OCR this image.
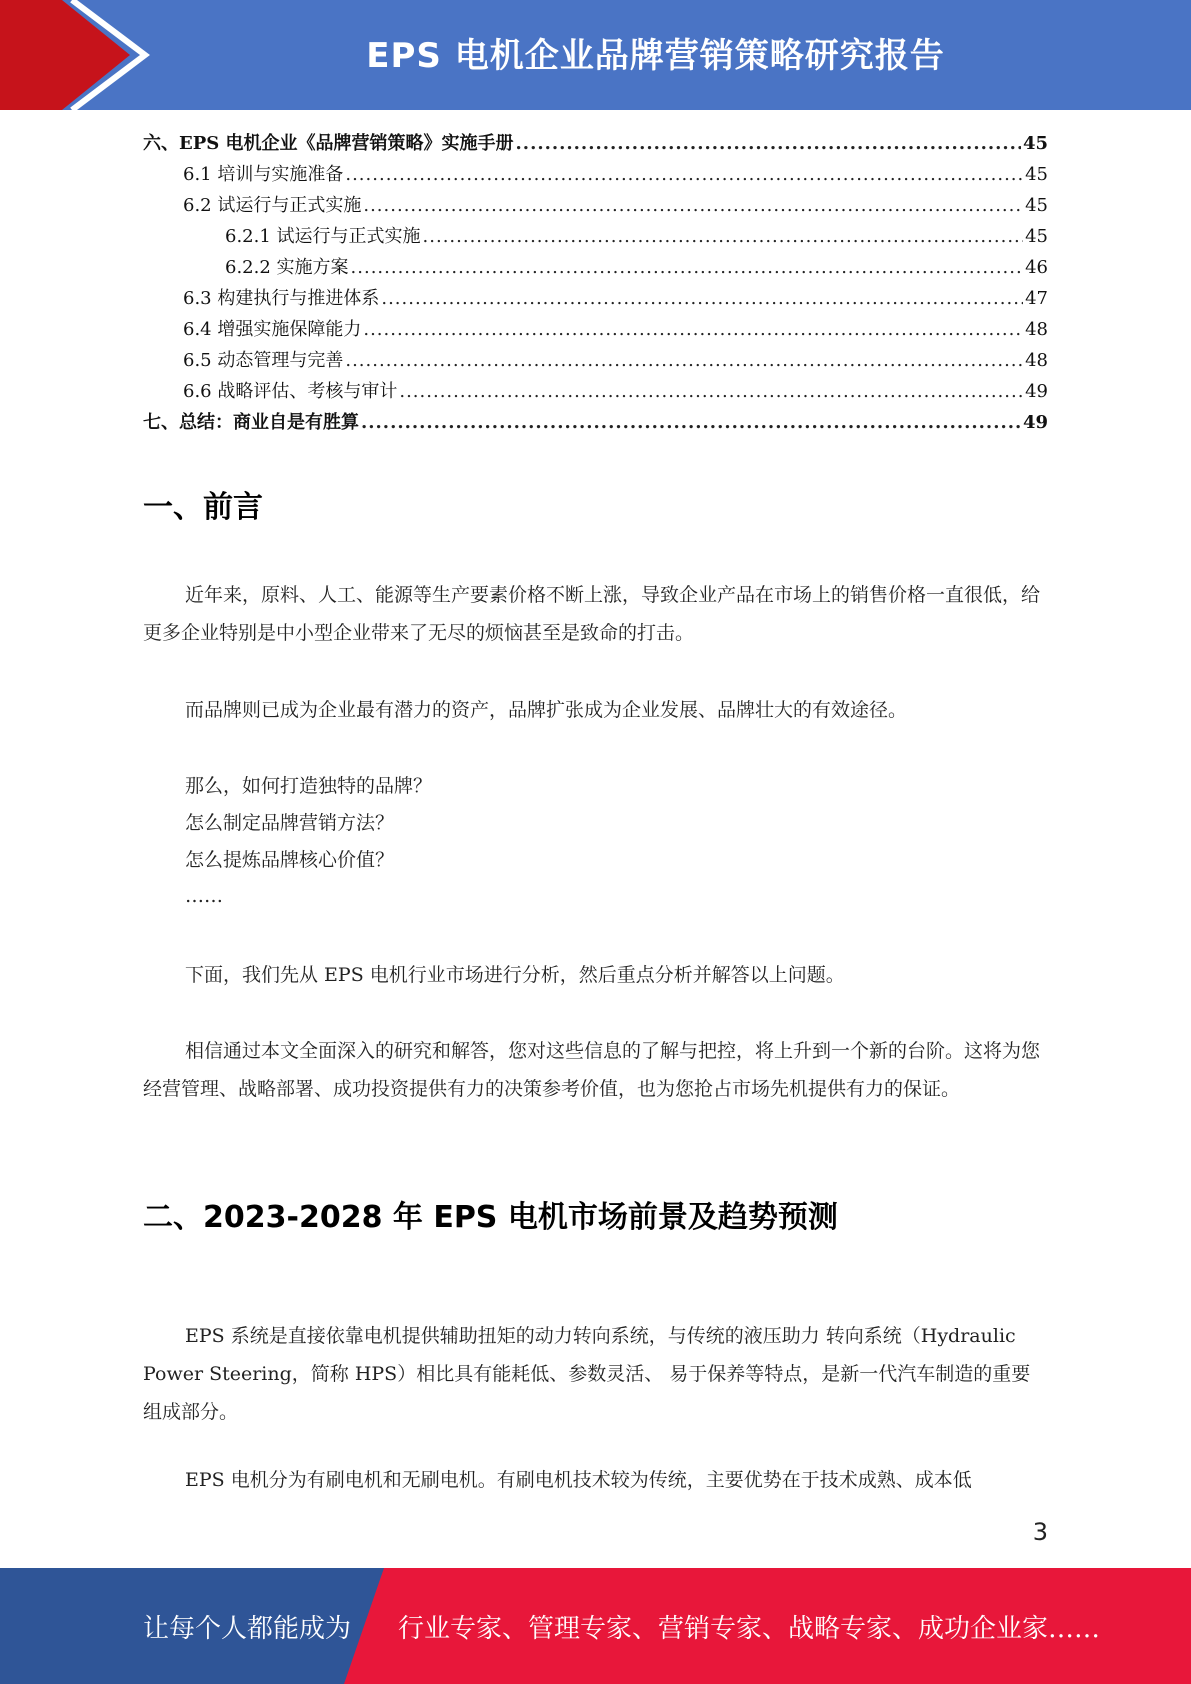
EPS 电机企业品牌营销策略研究报告
六、EPS 电机企业《品牌营销策略》实施手册 .....	45
6.1 培训与实施准备 .....	45
6.2 试运行与正式实施 .....	45
6.2.1 试运行与正式实施 .....	45
6.2.2 实施方案 .....	46
6.3 构建执行与推进体系 .....	47
6.4 增强实施保障能力 .....	48
6.5 动态管理与完善 .....	48
6.6 战略评估、考核与审计 .....	49
七、总结：商业自是有胜算 .....	49
一、前言

近年来，原料、人工、能源等生产要素价格不断上涨，导致企业产品在市场上的销售价格一直很低，给更多企业特别是中小型企业带来了无尽的烦恼甚至是致命的打击。

而品牌则已成为企业最有潜力的资产，品牌扩张成为企业发展、品牌壮大的有效途径。

那么，如何打造独特的品牌？
怎么制定品牌营销方法？
怎么提炼品牌核心价值？
……

下面，我们先从 EPS 电机行业市场进行分析，然后重点分析并解答以上问题。

相信通过本文全面深入的研究和解答，您对这些信息的了解与把控，将上升到一个新的台阶。这将为您经营管理、战略部署、成功投资提供有力的决策参考价值，也为您抢占市场先机提供有力的保证。

二、2023-2028 年 EPS 电机市场前景及趋势预测

EPS 系统是直接依靠电机提供辅助扭矩的动力转向系统，与传统的液压助力 转向系统（Hydraulic Power Steering，简称 HPS）相比具有能耗低、参数灵活、 易于保养等特点，是新一代汽车制造的重要组成部分。

EPS 电机分为有刷电机和无刷电机。有刷电机技术较为传统，主要优势在于技术成熟、成本低

3
让每个人都能成为 行业专家、管理专家、营销专家、战略专家、成功企业家……
